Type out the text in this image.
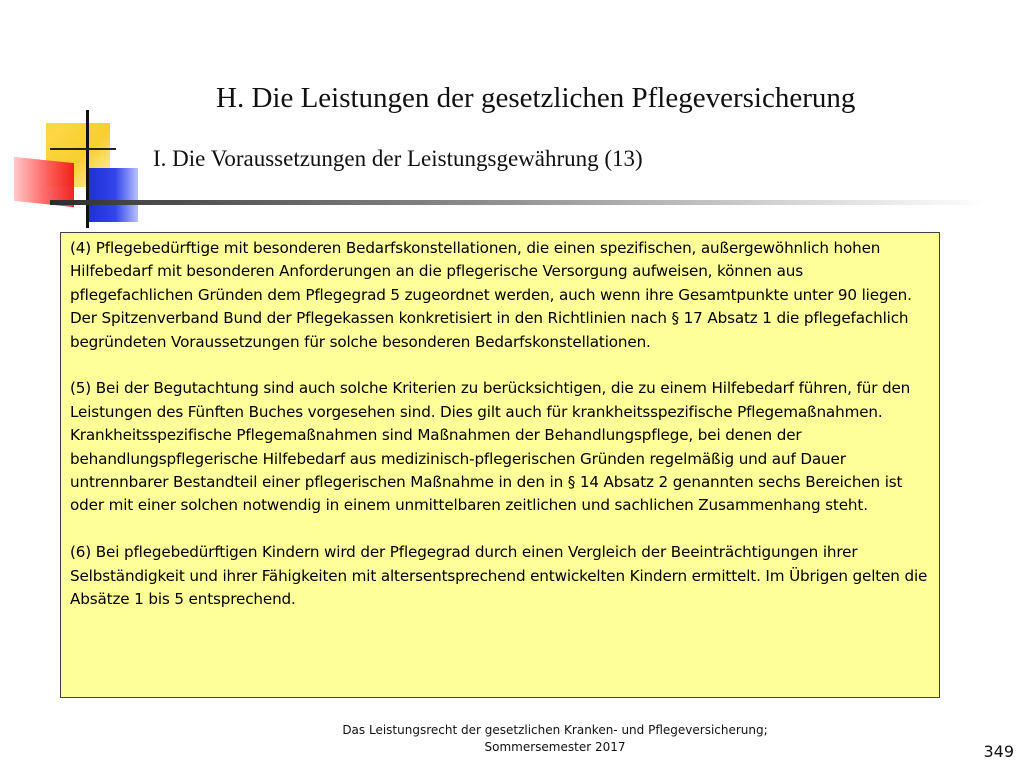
H. Die Leistungen der gesetzlichen Pflegeversicherung
I. Die Voraussetzungen der Leistungsgewährung (13)

(4) Pflegebedürftige mit besonderen Bedarfskonstellationen, die einen spezifischen, außergewöhnlich hohen Hilfebedarf mit besonderen Anforderungen an die pflegerische Versorgung aufweisen, können aus pflegefachlichen Gründen dem Pflegegrad 5 zugeordnet werden, auch wenn ihre Gesamtpunkte unter 90 liegen. Der Spitzenverband Bund der Pflegekassen konkretisiert in den Richtlinien nach § 17 Absatz 1 die pflegefachlich begründeten Voraussetzungen für solche besonderen Bedarfskonstellationen.

(5) Bei der Begutachtung sind auch solche Kriterien zu berücksichtigen, die zu einem Hilfebedarf führen, für den Leistungen des Fünften Buches vorgesehen sind. Dies gilt auch für krankheitsspezifische Pflegemaßnahmen. Krankheitsspezifische Pflegemaßnahmen sind Maßnahmen der Behandlungspflege, bei denen der behandlungspflegerische Hilfebedarf aus medizinisch-pflegerischen Gründen regelmäßig und auf Dauer untrennbarer Bestandteil einer pflegerischen Maßnahme in den in § 14 Absatz 2 genannten sechs Bereichen ist oder mit einer solchen notwendig in einem unmittelbaren zeitlichen und sachlichen Zusammenhang steht.

(6) Bei pflegebedürftigen Kindern wird der Pflegegrad durch einen Vergleich der Beeinträchtigungen ihrer Selbständigkeit und ihrer Fähigkeiten mit altersentsprechend entwickelten Kindern ermittelt. Im Übrigen gelten die Absätze 1 bis 5 entsprechend.

Das Leistungsrecht der gesetzlichen Kranken- und Pflegeversicherung;
Sommersemester 2017	349
